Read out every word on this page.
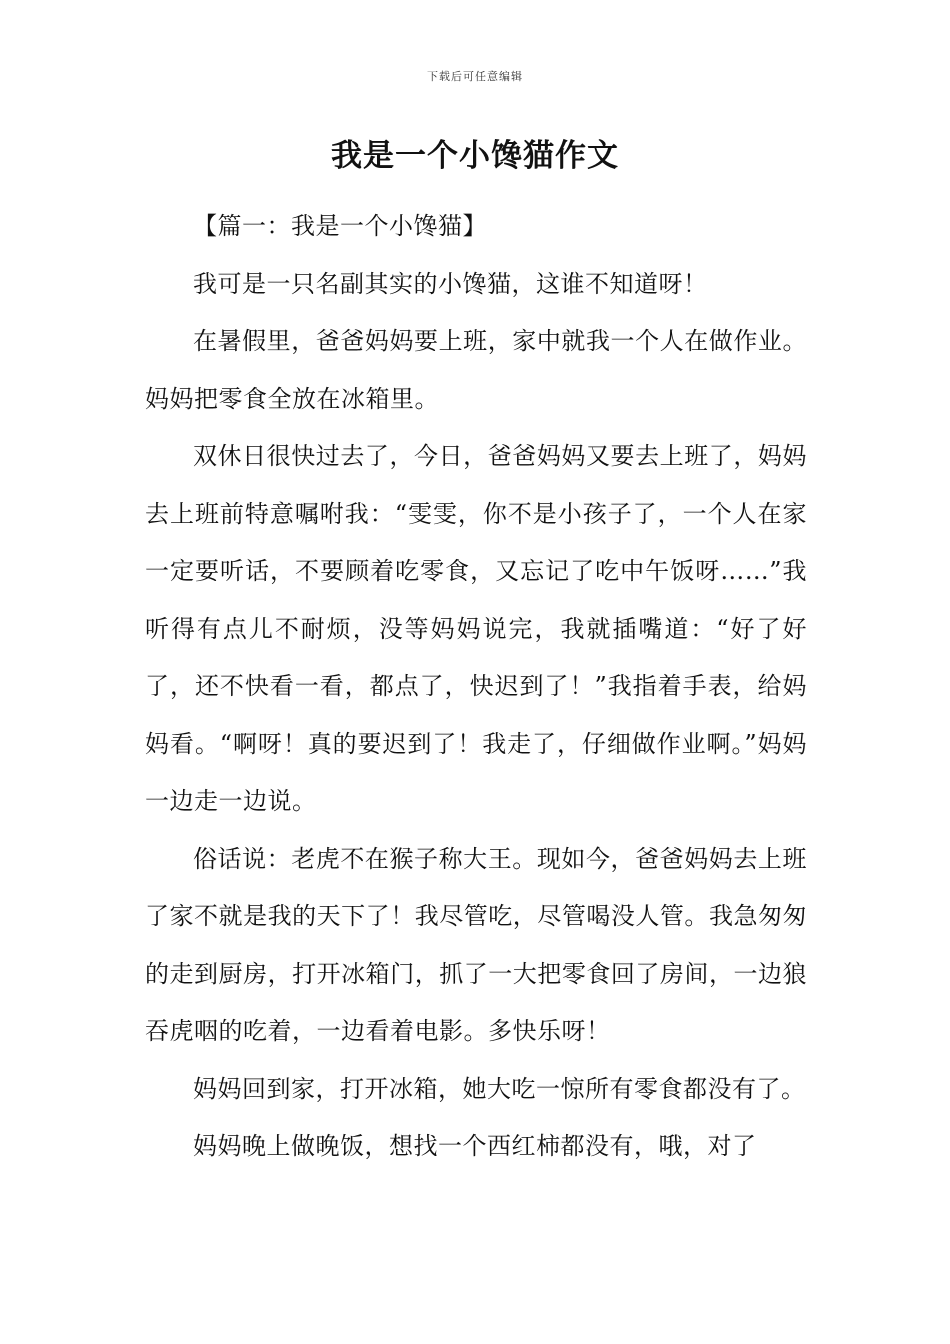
下载后可任意编辑
我是一个小馋猫作文

【篇一：我是一个小馋猫】

我可是一只名副其实的小馋猫，这谁不知道呀！

在暑假里，爸爸妈妈要上班，家中就我一个人在做作业。妈妈把零食全放在冰箱里。

双休日很快过去了，今日，爸爸妈妈又要去上班了，妈妈去上班前特意嘱咐我：“雯雯，你不是小孩子了，一个人在家一定要听话，不要顾着吃零食，又忘记了吃中午饭呀……”我听得有点儿不耐烦，没等妈妈说完，我就插嘴道：“好了好了，还不快看一看，都点了，快迟到了！”我指着手表，给妈妈看。“啊呀！真的要迟到了！我走了，仔细做作业啊。”妈妈一边走一边说。

俗话说：老虎不在猴子称大王。现如今，爸爸妈妈去上班了家不就是我的天下了！我尽管吃，尽管喝没人管。我急匆匆的走到厨房，打开冰箱门，抓了一大把零食回了房间，一边狼吞虎咽的吃着，一边看着电影。多快乐呀！

妈妈回到家，打开冰箱，她大吃一惊所有零食都没有了。

妈妈晚上做晚饭，想找一个西红柿都没有，哦，对了
